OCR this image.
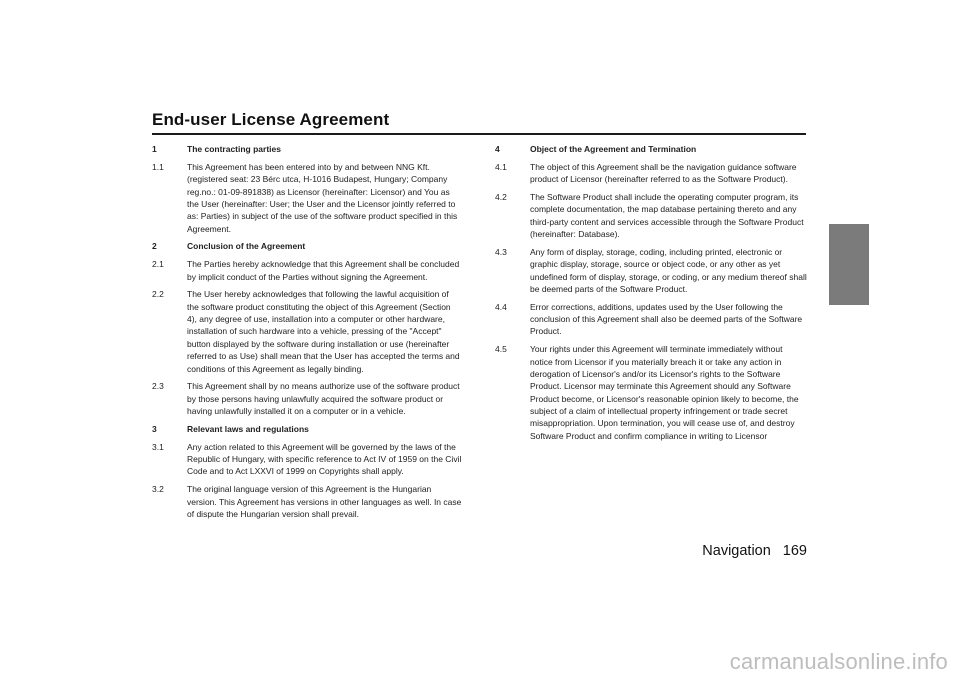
End-user License Agreement
1	The contracting parties
1.1	This Agreement has been entered into by and between NNG Kft. (registered seat: 23 Bérc utca, H-1016 Budapest, Hungary; Company reg.no.: 01-09-891838) as Licensor (hereinafter: Licensor) and You as the User (hereinafter: User; the User and the Licensor jointly referred to as: Parties) in subject of the use of the software product specified in this Agreement.
2	Conclusion of the Agreement
2.1	The Parties hereby acknowledge that this Agreement shall be concluded by implicit conduct of the Parties without signing the Agreement.
2.2	The User hereby acknowledges that following the lawful acquisition of the software product constituting the object of this Agreement (Section 4), any degree of use, installation into a computer or other hardware, installation of such hardware into a vehicle, pressing of the "Accept" button displayed by the software during installation or use (hereinafter referred to as Use) shall mean that the User has accepted the terms and conditions of this Agreement as legally binding.
2.3	This Agreement shall by no means authorize use of the software product by those persons having unlawfully acquired the software product or having unlawfully installed it on a computer or in a vehicle.
3	Relevant laws and regulations
3.1	Any action related to this Agreement will be governed by the laws of the Republic of Hungary, with specific reference to Act IV of 1959 on the Civil Code and to Act LXXVI of 1999 on Copyrights shall apply.
3.2	The original language version of this Agreement is the Hungarian version. This Agreement has versions in other languages as well. In case of dispute the Hungarian version shall prevail.
4	Object of the Agreement and Termination
4.1	The object of this Agreement shall be the navigation guidance software product of Licensor (hereinafter referred to as the Software Product).
4.2	The Software Product shall include the operating computer program, its complete documentation, the map database pertaining thereto and any third-party content and services accessible through the Software Product (hereinafter: Database).
4.3	Any form of display, storage, coding, including printed, electronic or graphic display, storage, source or object code, or any other as yet undefined form of display, storage, or coding, or any medium thereof shall be deemed parts of the Software Product.
4.4	Error corrections, additions, updates used by the User following the conclusion of this Agreement shall also be deemed parts of the Software Product.
4.5	Your rights under this Agreement will terminate immediately without notice from Licensor if you materially breach it or take any action in derogation of Licensor's and/or its Licensor's rights to the Software Product. Licensor may terminate this Agreement should any Software Product become, or Licensor's reasonable opinion likely to become, the subject of a claim of intellectual property infringement or trade secret misappropriation. Upon termination, you will cease use of, and destroy Software Product and confirm compliance in writing to Licensor
Navigation 169
carmanualsonline.info
